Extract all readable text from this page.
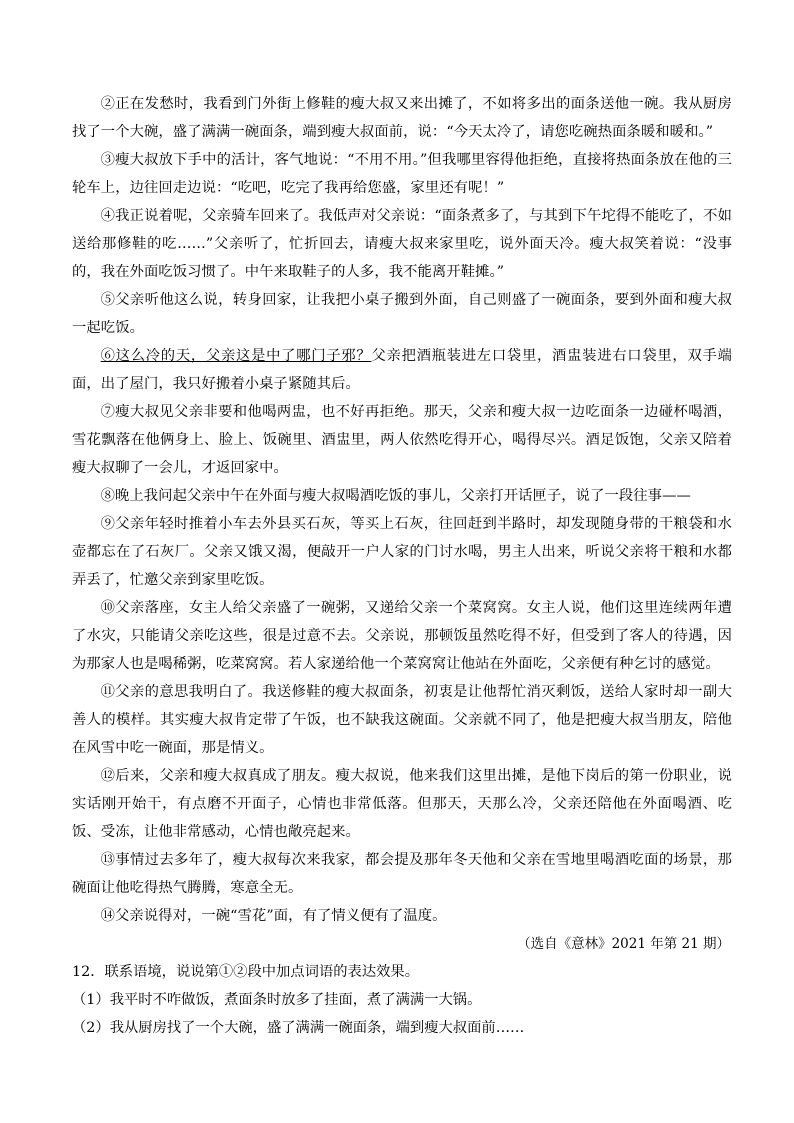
②正在发愁时，我看到门外街上修鞋的瘦大叔又来出摊了，不如将多出的面条送他一碗。我从厨房找了一个大碗，盛了满满一碗面条，端到瘦大叔面前，说：“今天太冷了，请您吃碗热面条暖和暖和。”

③瘦大叔放下手中的活计，客气地说：“不用不用。”但我哪里容得他拒绝，直接将热面条放在他的三轮车上，边往回走边说：“吃吧，吃完了我再给您盛，家里还有呢！”

④我正说着呢，父亲骑车回来了。我低声对父亲说：“面条煮多了，与其到下午坨得不能吃了，不如送给那修鞋的吃……”父亲听了，忙折回去，请瘦大叔来家里吃，说外面天冷。瘦大叔笑着说：“没事的，我在外面吃饭习惯了。中午来取鞋子的人多，我不能离开鞋摊。”

⑤父亲听他这么说，转身回家，让我把小桌子搬到外面，自己则盛了一碗面条，要到外面和瘦大叔一起吃饭。

⑥这么冷的天，父亲这是中了哪门子邪？父亲把酒瓶装进左口袋里，酒盅装进右口袋里，双手端面，出了屋门，我只好搬着小桌子紧随其后。

⑦瘦大叔见父亲非要和他喝两盅，也不好再拒绝。那天，父亲和瘦大叔一边吃面条一边碰杯喝酒，雪花飘落在他俩身上、脸上、饭碗里、酒盅里，两人依然吃得开心，喝得尽兴。酒足饭饱，父亲又陪着瘦大叔聊了一会儿，才返回家中。

⑧晚上我问起父亲中午在外面与瘦大叔喝酒吃饭的事儿，父亲打开话匣子，说了一段往事——

⑨父亲年轻时推着小车去外县买石灰，等买上石灰，往回赶到半路时，却发现随身带的干粮袋和水壶都忘在了石灰厂。父亲又饿又渴，便敲开一户人家的门讨水喝，男主人出来，听说父亲将干粮和水都弄丢了，忙邀父亲到家里吃饭。

⑩父亲落座，女主人给父亲盛了一碗粥，又递给父亲一个菜窝窝。女主人说，他们这里连续两年遭了水灾，只能请父亲吃这些，很是过意不去。父亲说，那顿饭虽然吃得不好，但受到了客人的待遇，因为那家人也是喝稀粥，吃菜窝窝。若人家递给他一个菜窝窝让他站在外面吃，父亲便有种乞讨的感觉。

⑪父亲的意思我明白了。我送修鞋的瘦大叔面条，初衷是让他帮忙消灭剩饭，送给人家时却一副大善人的模样。其实瘦大叔肯定带了午饭，也不缺我这碗面。父亲就不同了，他是把瘦大叔当朋友，陪他在风雪中吃一碗面，那是情义。

⑫后来，父亲和瘦大叔真成了朋友。瘦大叔说，他来我们这里出摊，是他下岗后的第一份职业，说实话刚开始干，有点磨不开面子，心情也非常低落。但那天，天那么冷，父亲还陪他在外面喝酒、吃饭、受冻，让他非常感动，心情也敞亮起来。

⑬事情过去多年了，瘦大叔每次来我家，都会提及那年冬天他和父亲在雪地里喝酒吃面的场景，那碗面让他吃得热气腾腾，寒意全无。

⑭父亲说得对，一碗“雪花”面，有了情义便有了温度。

（选自《意林》2021 年第 21 期）

12．联系语境，说说第①②段中加点词语的表达效果。

（1）我平时不咋做饭，煮面条时放多了挂面，煮了满满一大锅。

（2）我从厨房找了一个大碗，盛了满满一碗面条，端到瘦大叔面前……
